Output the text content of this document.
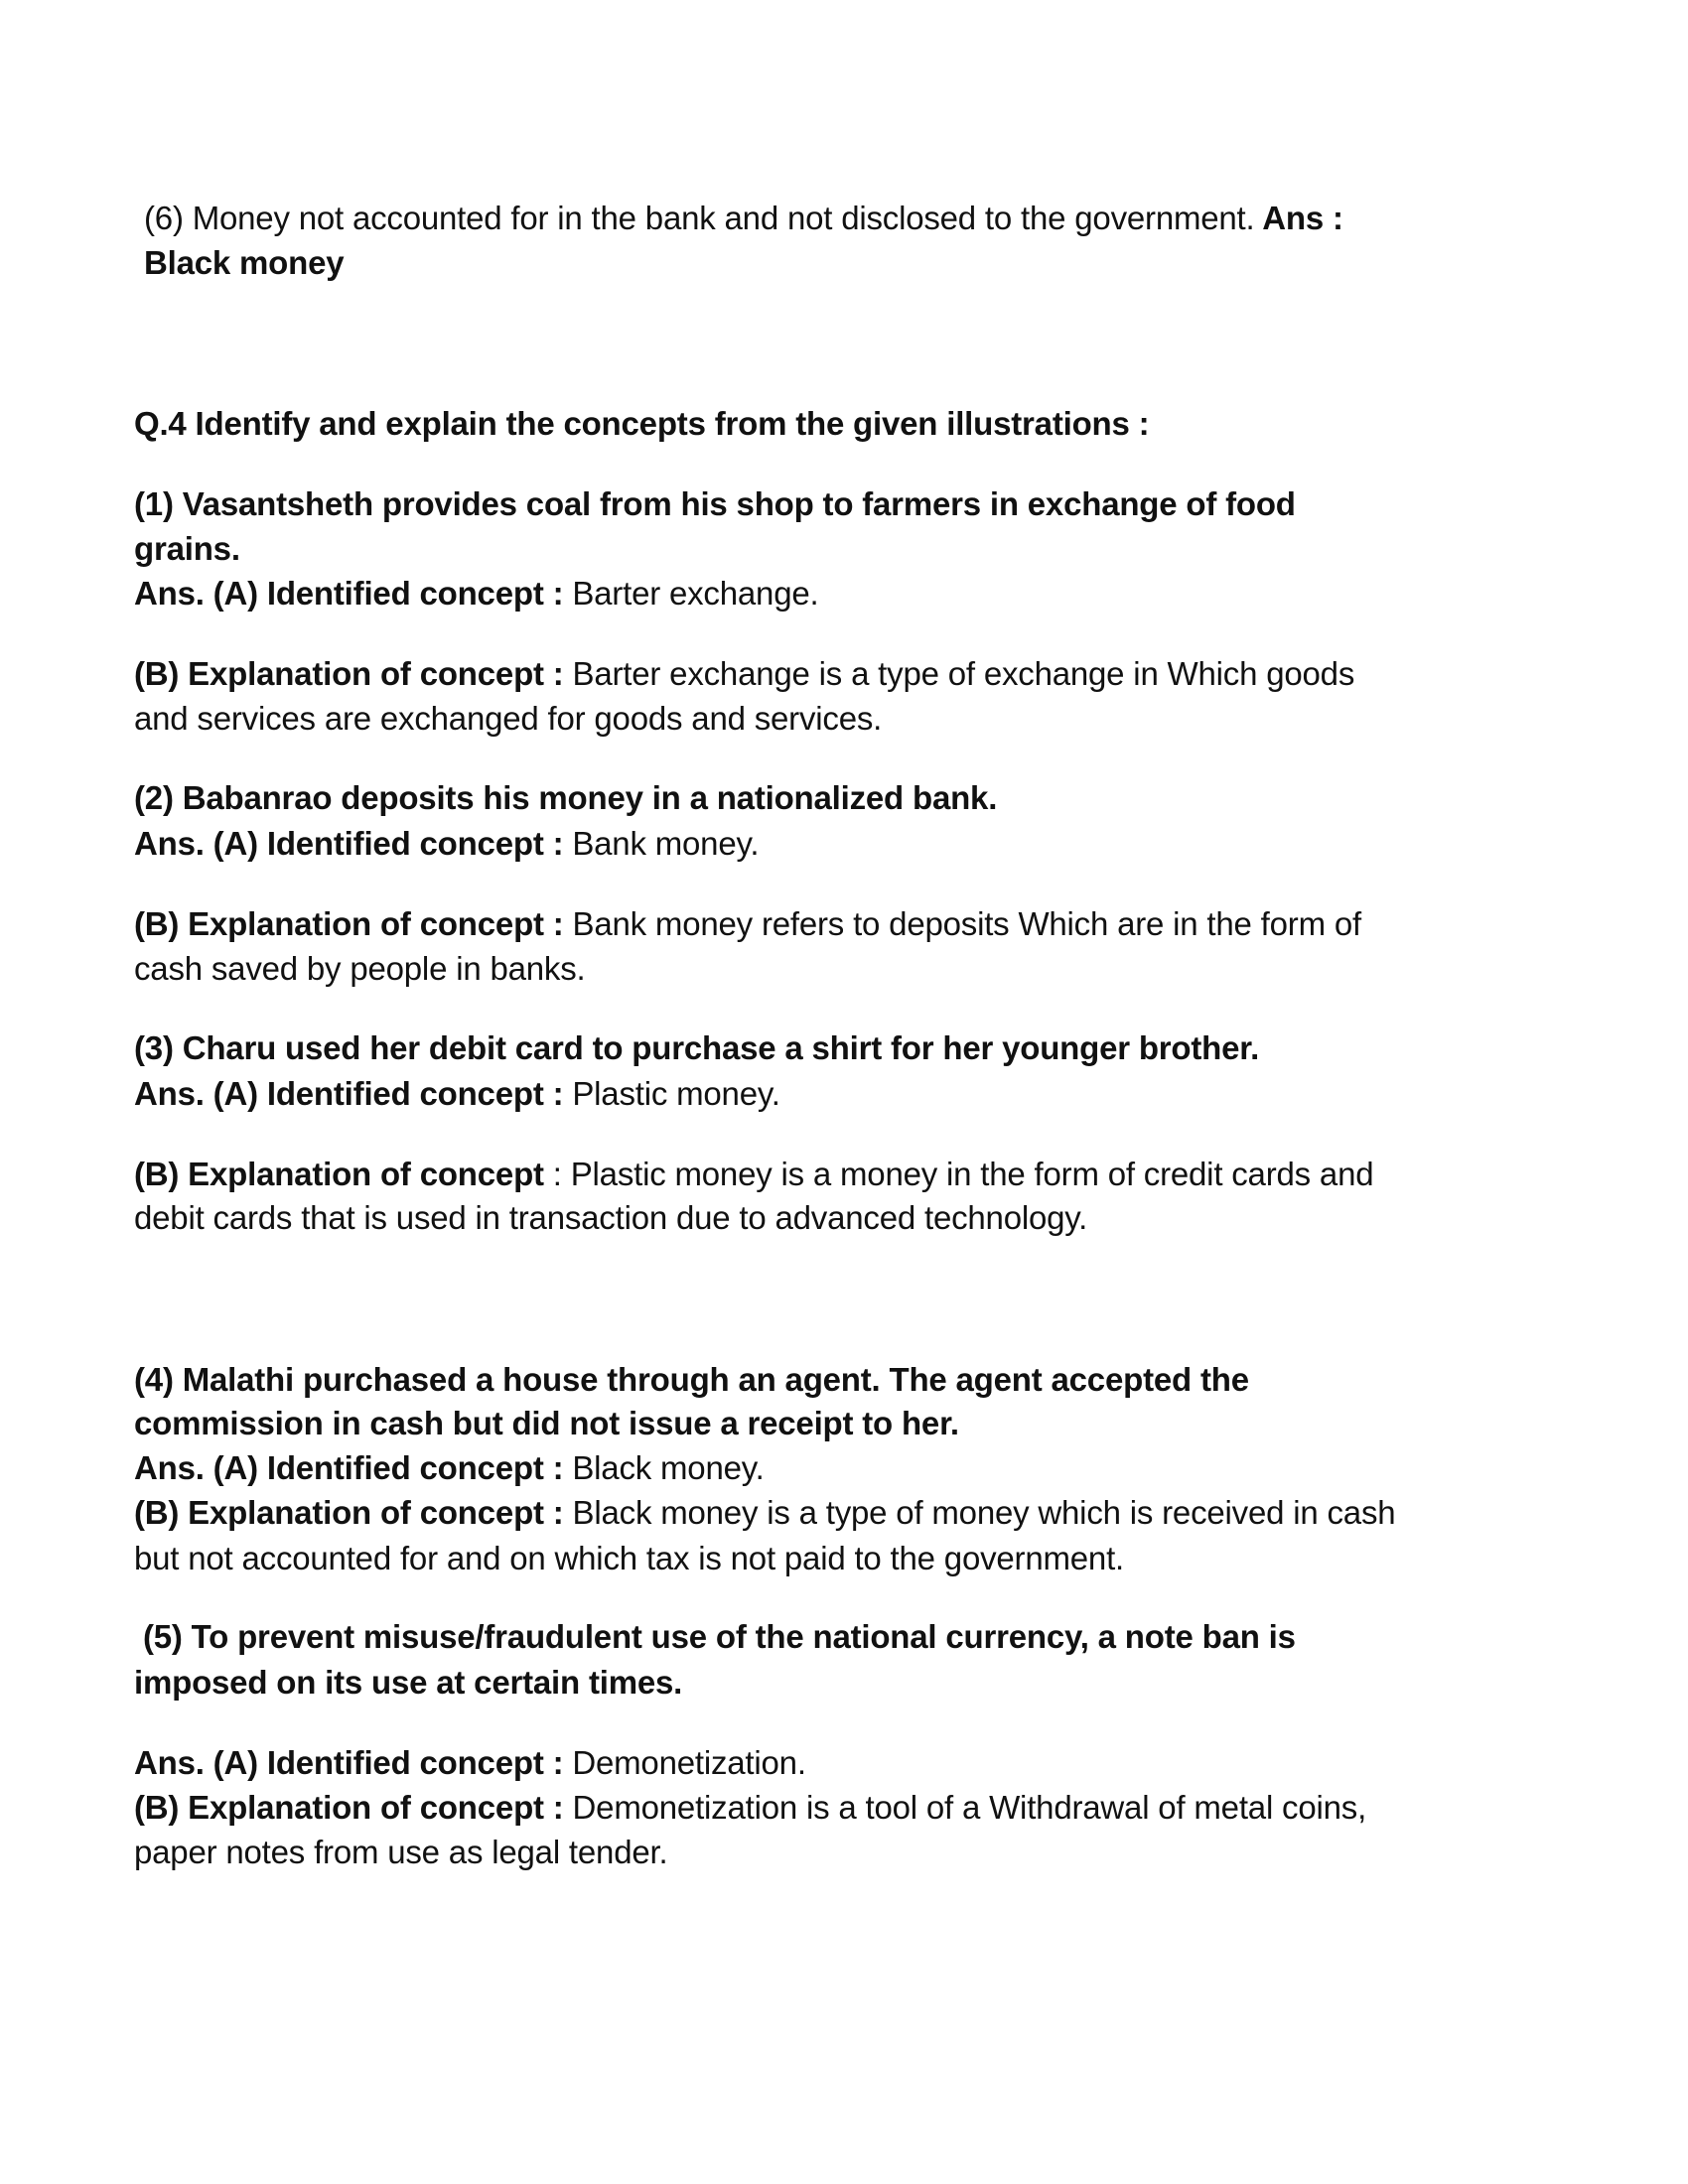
(6) Money not accounted for in the bank and not disclosed to the government. Ans :
Black money
Q.4 Identify and explain the concepts from the given illustrations :
(1) Vasantsheth provides coal from his shop to farmers in exchange of food
grains.
Ans. (A) Identified concept : Barter exchange.
(B) Explanation of concept : Barter exchange is a type of exchange in Which goods
and services are exchanged for goods and services.
(2) Babanrao deposits his money in a nationalized bank.
Ans. (A) Identified concept : Bank money.
(B) Explanation of concept : Bank money refers to deposits Which are in the form of
cash saved by people in banks.
(3) Charu used her debit card to purchase a shirt for her younger brother.
Ans. (A) Identified concept : Plastic money.
(B) Explanation of concept : Plastic money is a money in the form of credit cards and
debit cards that is used in transaction due to advanced technology.
(4) Malathi purchased a house through an agent. The agent accepted the
commission in cash but did not issue a receipt to her.
Ans. (A) Identified concept : Black money.
(B) Explanation of concept : Black money is a type of money which is received in cash
but not accounted for and on which tax is not paid to the government.
(5) To prevent misuse/fraudulent use of the national currency, a note ban is
imposed on its use at certain times.
Ans. (A) Identified concept : Demonetization.
(B) Explanation of concept : Demonetization is a tool of a Withdrawal of metal coins,
paper notes from use as legal tender.
